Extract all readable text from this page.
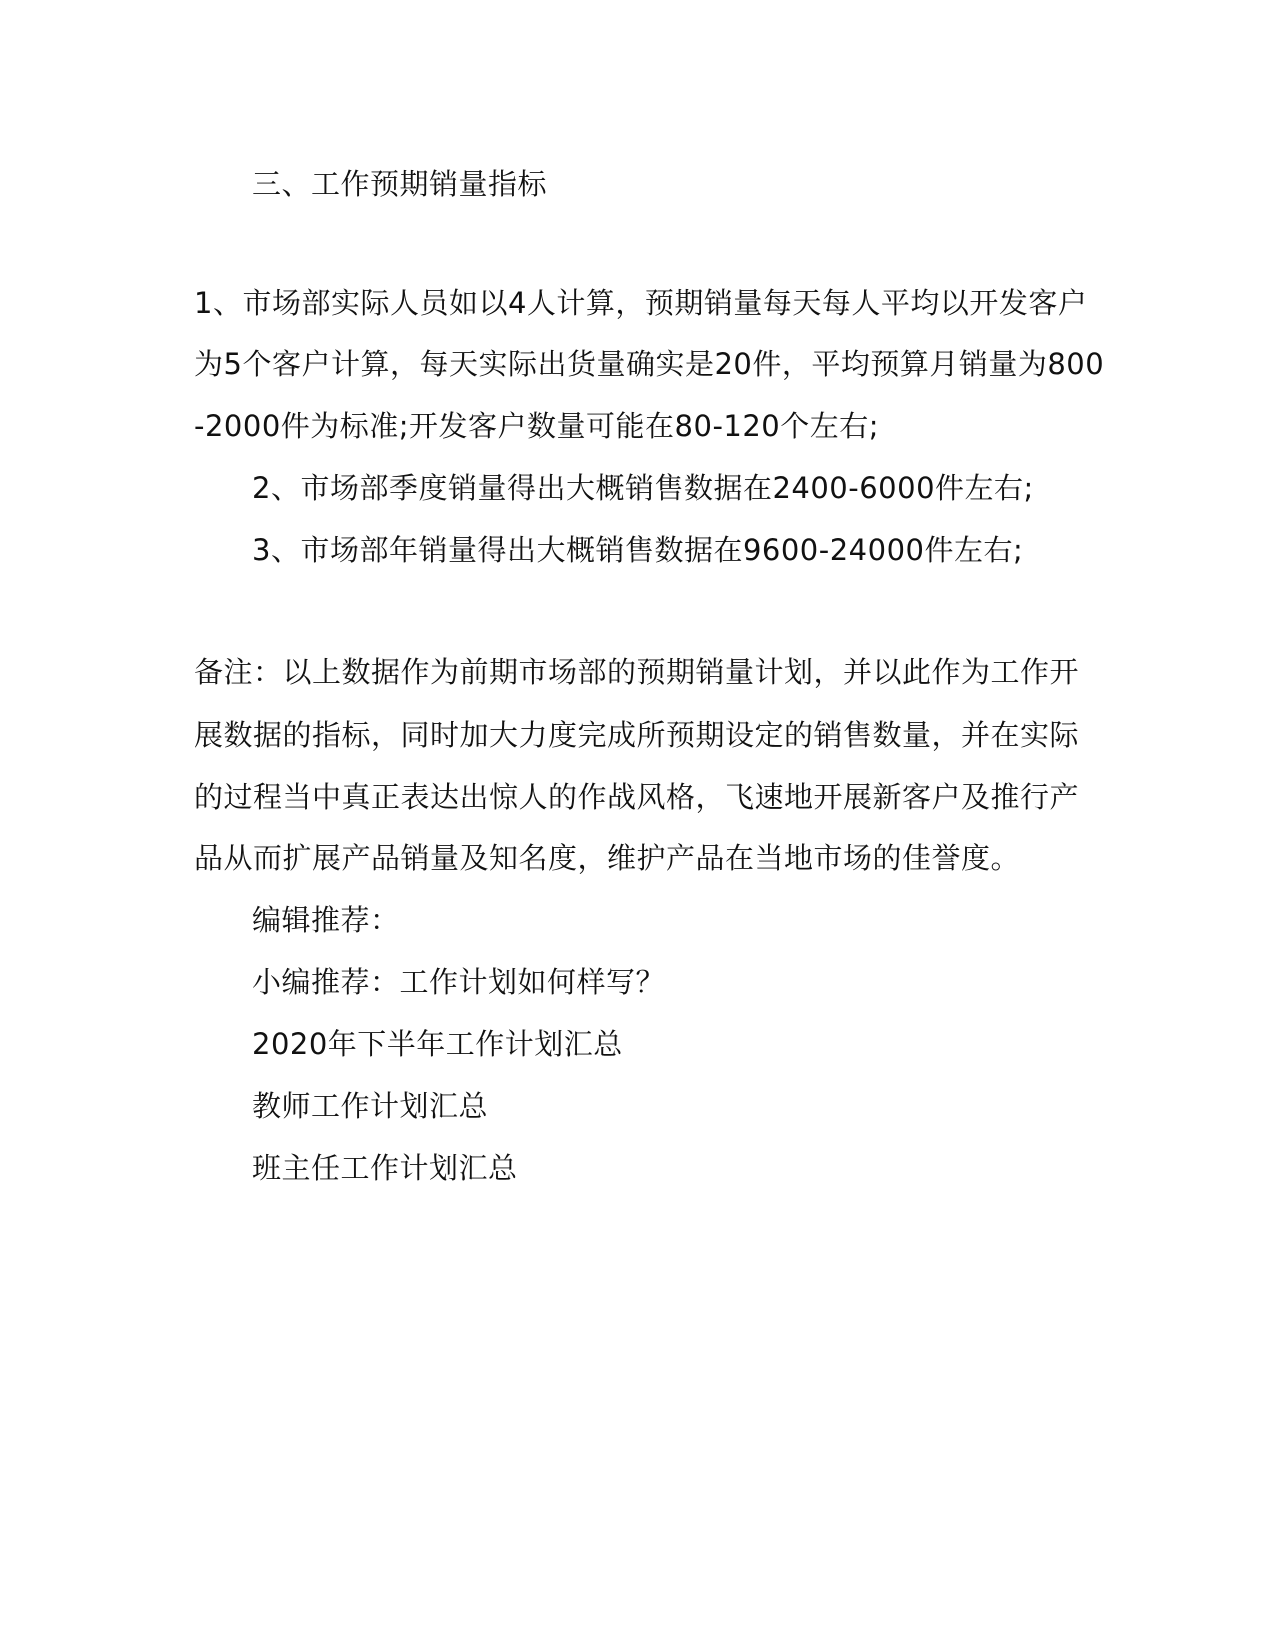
三、工作预期销量指标
1、市场部实际人员如以4人计算，预期销量每天每人平均以开发客户
为5个客户计算，每天实际出货量确实是20件，平均预算月销量为800
-2000件为标准;开发客户数量可能在80-120个左右;
2、市场部季度销量得出大概销售数据在2400-6000件左右;
3、市场部年销量得出大概销售数据在9600-24000件左右;
备注：以上数据作为前期市场部的预期销量计划，并以此作为工作开
展数据的指标，同时加大力度完成所预期设定的销售数量，并在实际
的过程当中真正表达出惊人的作战风格，飞速地开展新客户及推行产
品从而扩展产品销量及知名度，维护产品在当地市场的佳誉度。
编辑推荐：
小编推荐：工作计划如何样写？
2020年下半年工作计划汇总
教师工作计划汇总
班主任工作计划汇总
